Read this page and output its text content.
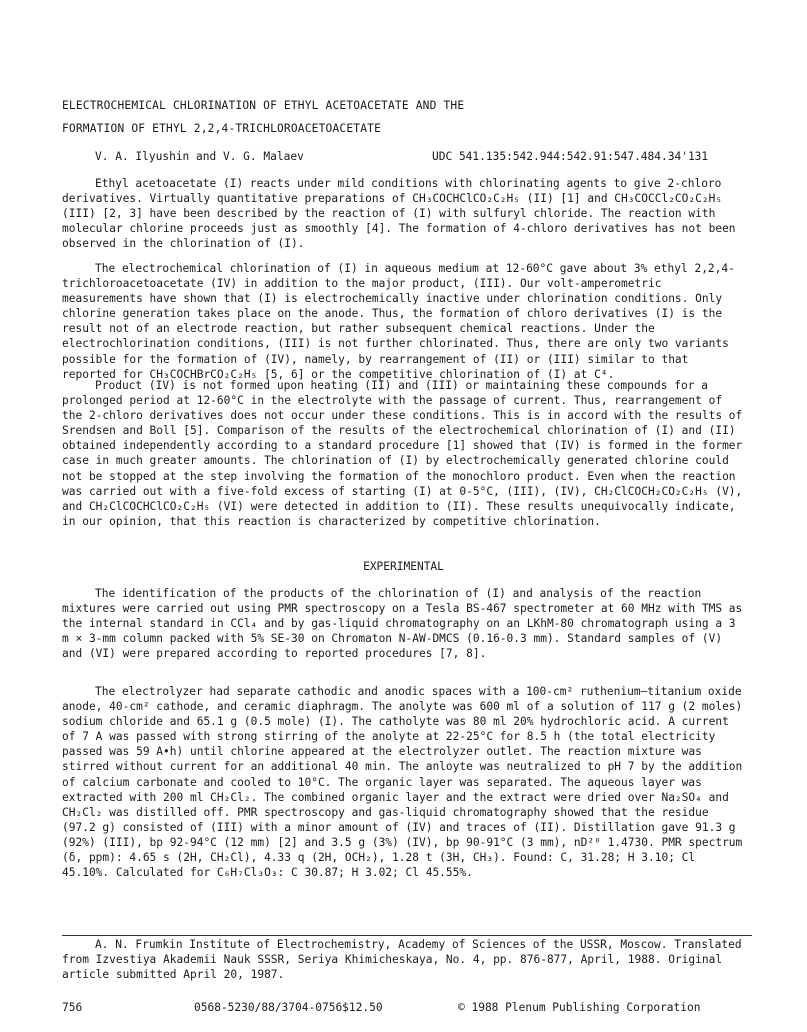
ELECTROCHEMICAL CHLORINATION OF ETHYL ACETOACETATE AND THE
FORMATION OF ETHYL 2,2,4-TRICHLOROACETOACETATE
V. A. Ilyushin and V. G. Malaev	UDC 541.135:542.944:542.91:547.484.34'131

Ethyl acetoacetate (I) reacts under mild conditions with chlorinating agents to give 2-chloro derivatives. Virtually quantitative preparations of CH₃COCHClCO₂C₂H₅ (II) [1] and CH₃COCCl₂CO₂C₂H₅ (III) [2, 3] have been described by the reaction of (I) with sulfuryl chloride. The reaction with molecular chlorine proceeds just as smoothly [4]. The formation of 4-chloro derivatives has not been observed in the chlorination of (I).

The electrochemical chlorination of (I) in aqueous medium at 12-60°C gave about 3% ethyl 2,2,4-trichloroacetoacetate (IV) in addition to the major product, (III). Our volt-amperometric measurements have shown that (I) is electrochemically inactive under chlorination conditions. Only chlorine generation takes place on the anode. Thus, the formation of chloro derivatives (I) is the result not of an electrode reaction, but rather subsequent chemical reactions. Under the electrochlorination conditions, (III) is not further chlorinated. Thus, there are only two variants possible for the formation of (IV), namely, by rearrangement of (II) or (III) similar to that reported for CH₃COCHBrCO₂C₂H₅ [5, 6] or the competitive chlorination of (I) at C⁴.

Product (IV) is not formed upon heating (II) and (III) or maintaining these compounds for a prolonged period at 12-60°C in the electrolyte with the passage of current. Thus, rearrangement of the 2-chloro derivatives does not occur under these conditions. This is in accord with the results of Srendsen and Boll [5]. Comparison of the results of the electrochemical chlorination of (I) and (II) obtained independently according to a standard procedure [1] showed that (IV) is formed in the former case in much greater amounts. The chlorination of (I) by electrochemically generated chlorine could not be stopped at the step involving the formation of the monochloro product. Even when the reaction was carried out with a five-fold excess of starting (I) at 0-5°C, (III), (IV), CH₂ClCOCH₂CO₂C₂H₅ (V), and CH₂ClCOCHClCO₂C₂H₅ (VI) were detected in addition to (II). These results unequivocally indicate, in our opinion, that this reaction is characterized by competitive chlorination.

EXPERIMENTAL

The identification of the products of the chlorination of (I) and analysis of the reaction mixtures were carried out using PMR spectroscopy on a Tesla BS-467 spectrometer at 60 MHz with TMS as the internal standard in CCl₄ and by gas-liquid chromatography on an LKhM-80 chromatograph using a 3 m × 3-mm column packed with 5% SE-30 on Chromaton N-AW-DMCS (0.16-0.3 mm). Standard samples of (V) and (VI) were prepared according to reported procedures [7, 8].

The electrolyzer had separate cathodic and anodic spaces with a 100-cm² ruthenium–titanium oxide anode, 40-cm² cathode, and ceramic diaphragm. The anolyte was 600 ml of a solution of 117 g (2 moles) sodium chloride and 65.1 g (0.5 mole) (I). The catholyte was 80 ml 20% hydrochloric acid. A current of 7 A was passed with strong stirring of the anolyte at 22-25°C for 8.5 h (the total electricity passed was 59 A•h) until chlorine appeared at the electrolyzer outlet. The reaction mixture was stirred without current for an additional 40 min. The anloyte was neutralized to pH 7 by the addition of calcium carbonate and cooled to 10°C. The organic layer was separated. The aqueous layer was extracted with 200 ml CH₂Cl₂. The combined organic layer and the extract were dried over Na₂SO₄ and CH₂Cl₂ was distilled off. PMR spectroscopy and gas-liquid chromatography showed that the residue (97.2 g) consisted of (III) with a minor amount of (IV) and traces of (II). Distillation gave 91.3 g (92%) (III), bp 92-94°C (12 mm) [2] and 3.5 g (3%) (IV), bp 90-91°C (3 mm), nD²⁰ 1.4730. PMR spectrum (δ, ppm): 4.65 s (2H, CH₂Cl), 4.33 q (2H, OCH₂), 1.28 t (3H, CH₃). Found: C, 31.28; H 3.10; Cl 45.10%. Calculated for C₆H₇Cl₃O₃: C 30.87; H 3.02; Cl 45.55%.

A. N. Frumkin Institute of Electrochemistry, Academy of Sciences of the USSR, Moscow. Translated from Izvestiya Akademii Nauk SSSR, Seriya Khimicheskaya, No. 4, pp. 876-877, April, 1988. Original article submitted April 20, 1987.

756	0568-5230/88/3704-0756$12.50	© 1988 Plenum Publishing Corporation
